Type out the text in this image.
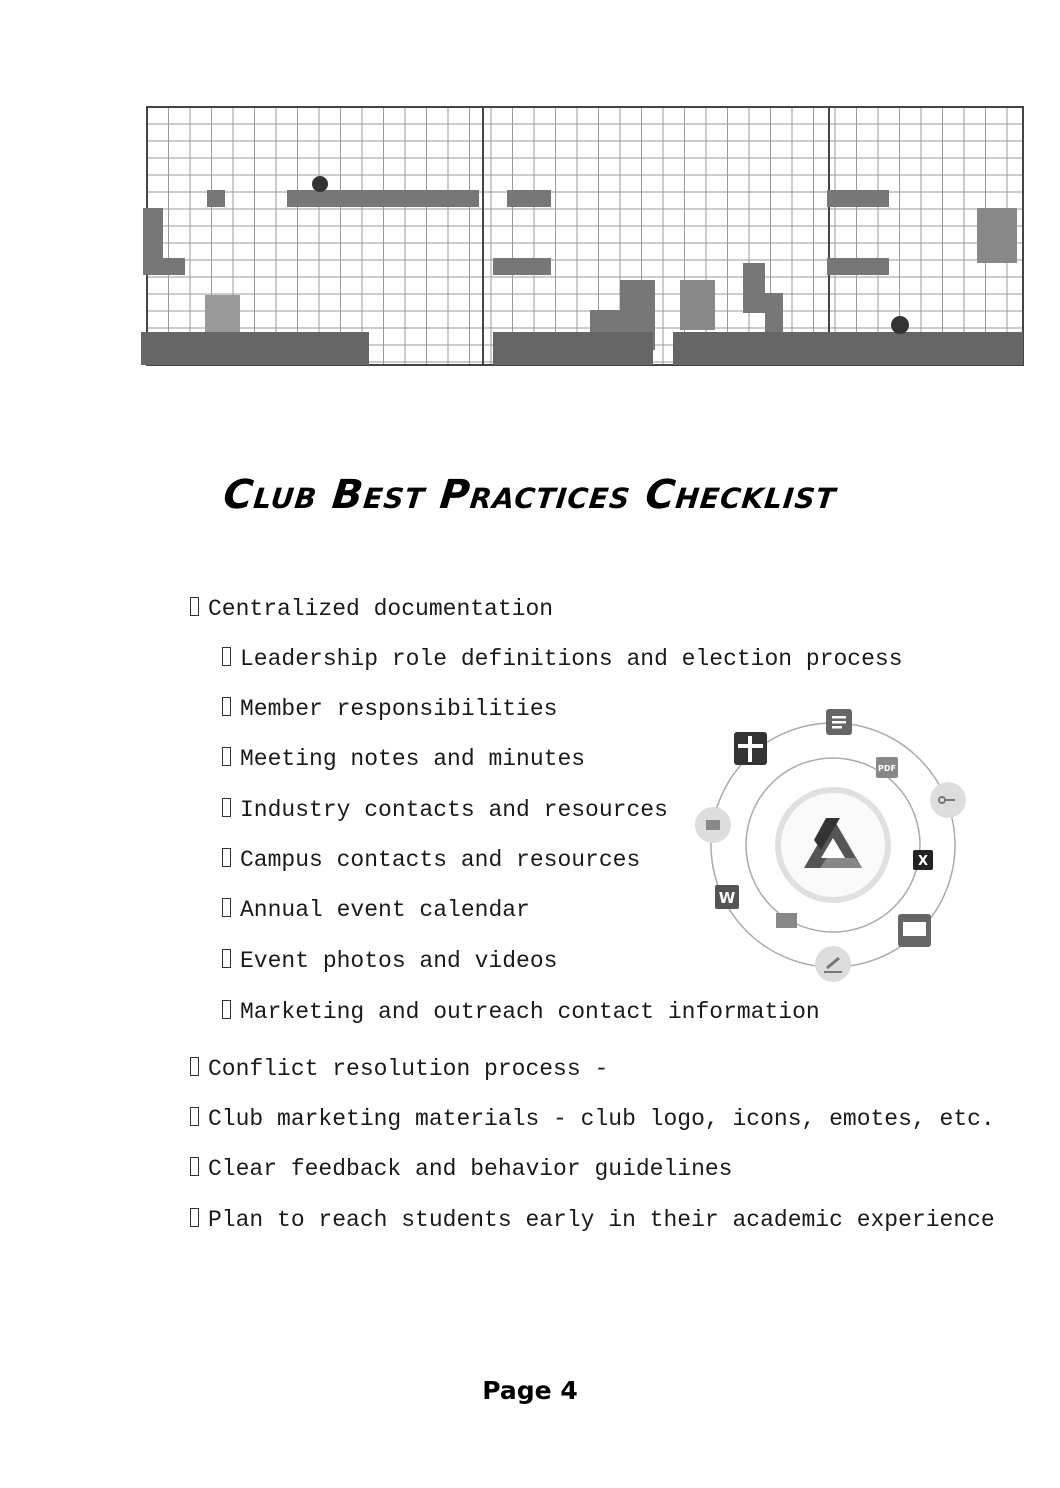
Club Best Practices Checklist
Centralized documentation
Leadership role definitions and election process
Member responsibilities
Meeting notes and minutes
Industry contacts and resources
Campus contacts and resources
Annual event calendar
Event photos and videos
Marketing and outreach contact information
Conflict resolution process -
Club marketing materials - club logo, icons, emotes, etc.
Clear feedback and behavior guidelines
Plan to reach students early in their academic experience
PDF
X
W
Page 4
